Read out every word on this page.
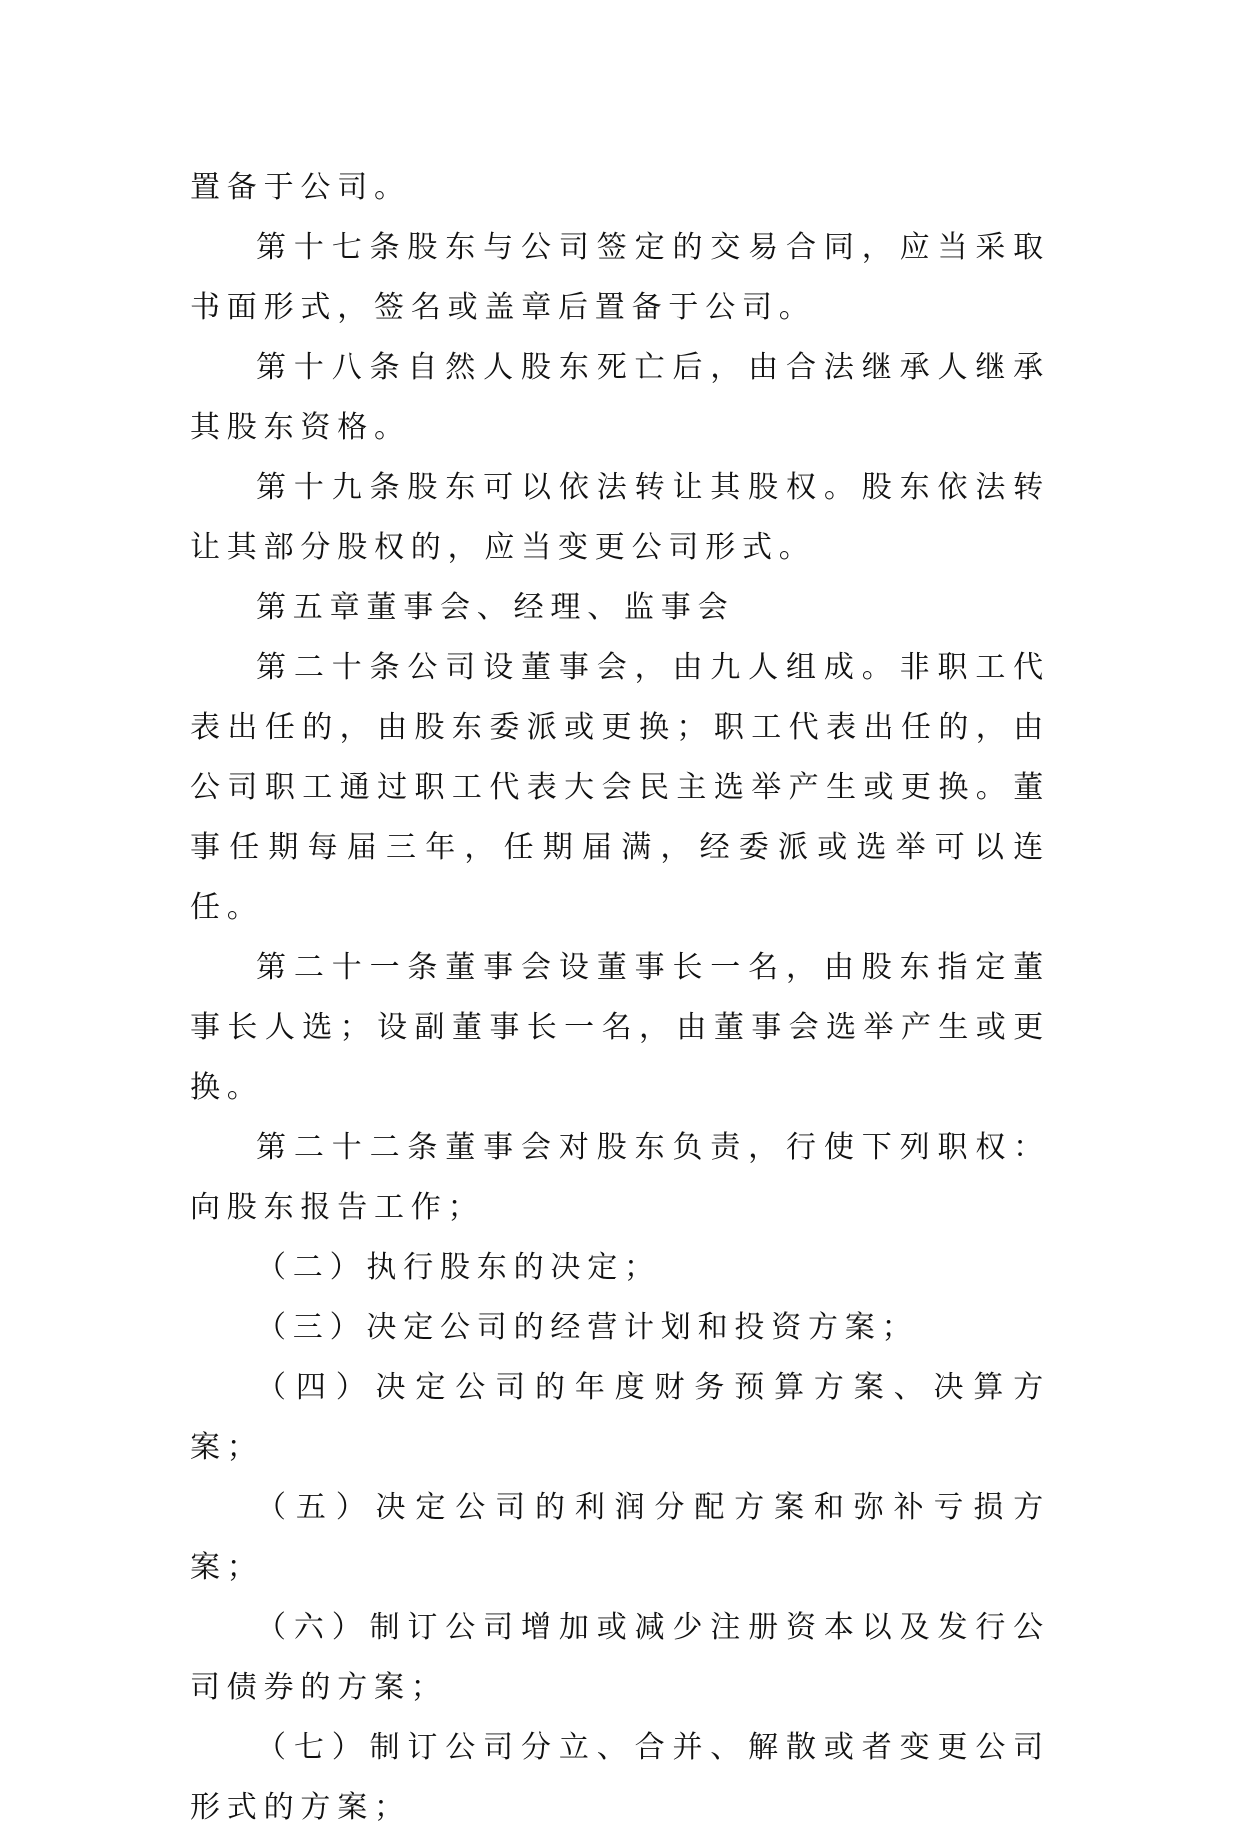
置备于公司。

第十七条股东与公司签定的交易合同，应当采取书面形式，签名或盖章后置备于公司。

第十八条自然人股东死亡后，由合法继承人继承其股东资格。

第十九条股东可以依法转让其股权。股东依法转让其部分股权的，应当变更公司形式。

第五章董事会、经理、监事会

第二十条公司设董事会，由九人组成。非职工代表出任的，由股东委派或更换；职工代表出任的，由公司职工通过职工代表大会民主选举产生或更换。董事任期每届三年，任期届满，经委派或选举可以连任。

第二十一条董事会设董事长一名，由股东指定董事长人选；设副董事长一名，由董事会选举产生或更换。

第二十二条董事会对股东负责，行使下列职权：向股东报告工作；

（二）执行股东的决定；

（三）决定公司的经营计划和投资方案；

（四）决定公司的年度财务预算方案、决算方案；

（五）决定公司的利润分配方案和弥补亏损方案；

（六）制订公司增加或减少注册资本以及发行公司债券的方案；

（七）制订公司分立、合并、解散或者变更公司形式的方案；
